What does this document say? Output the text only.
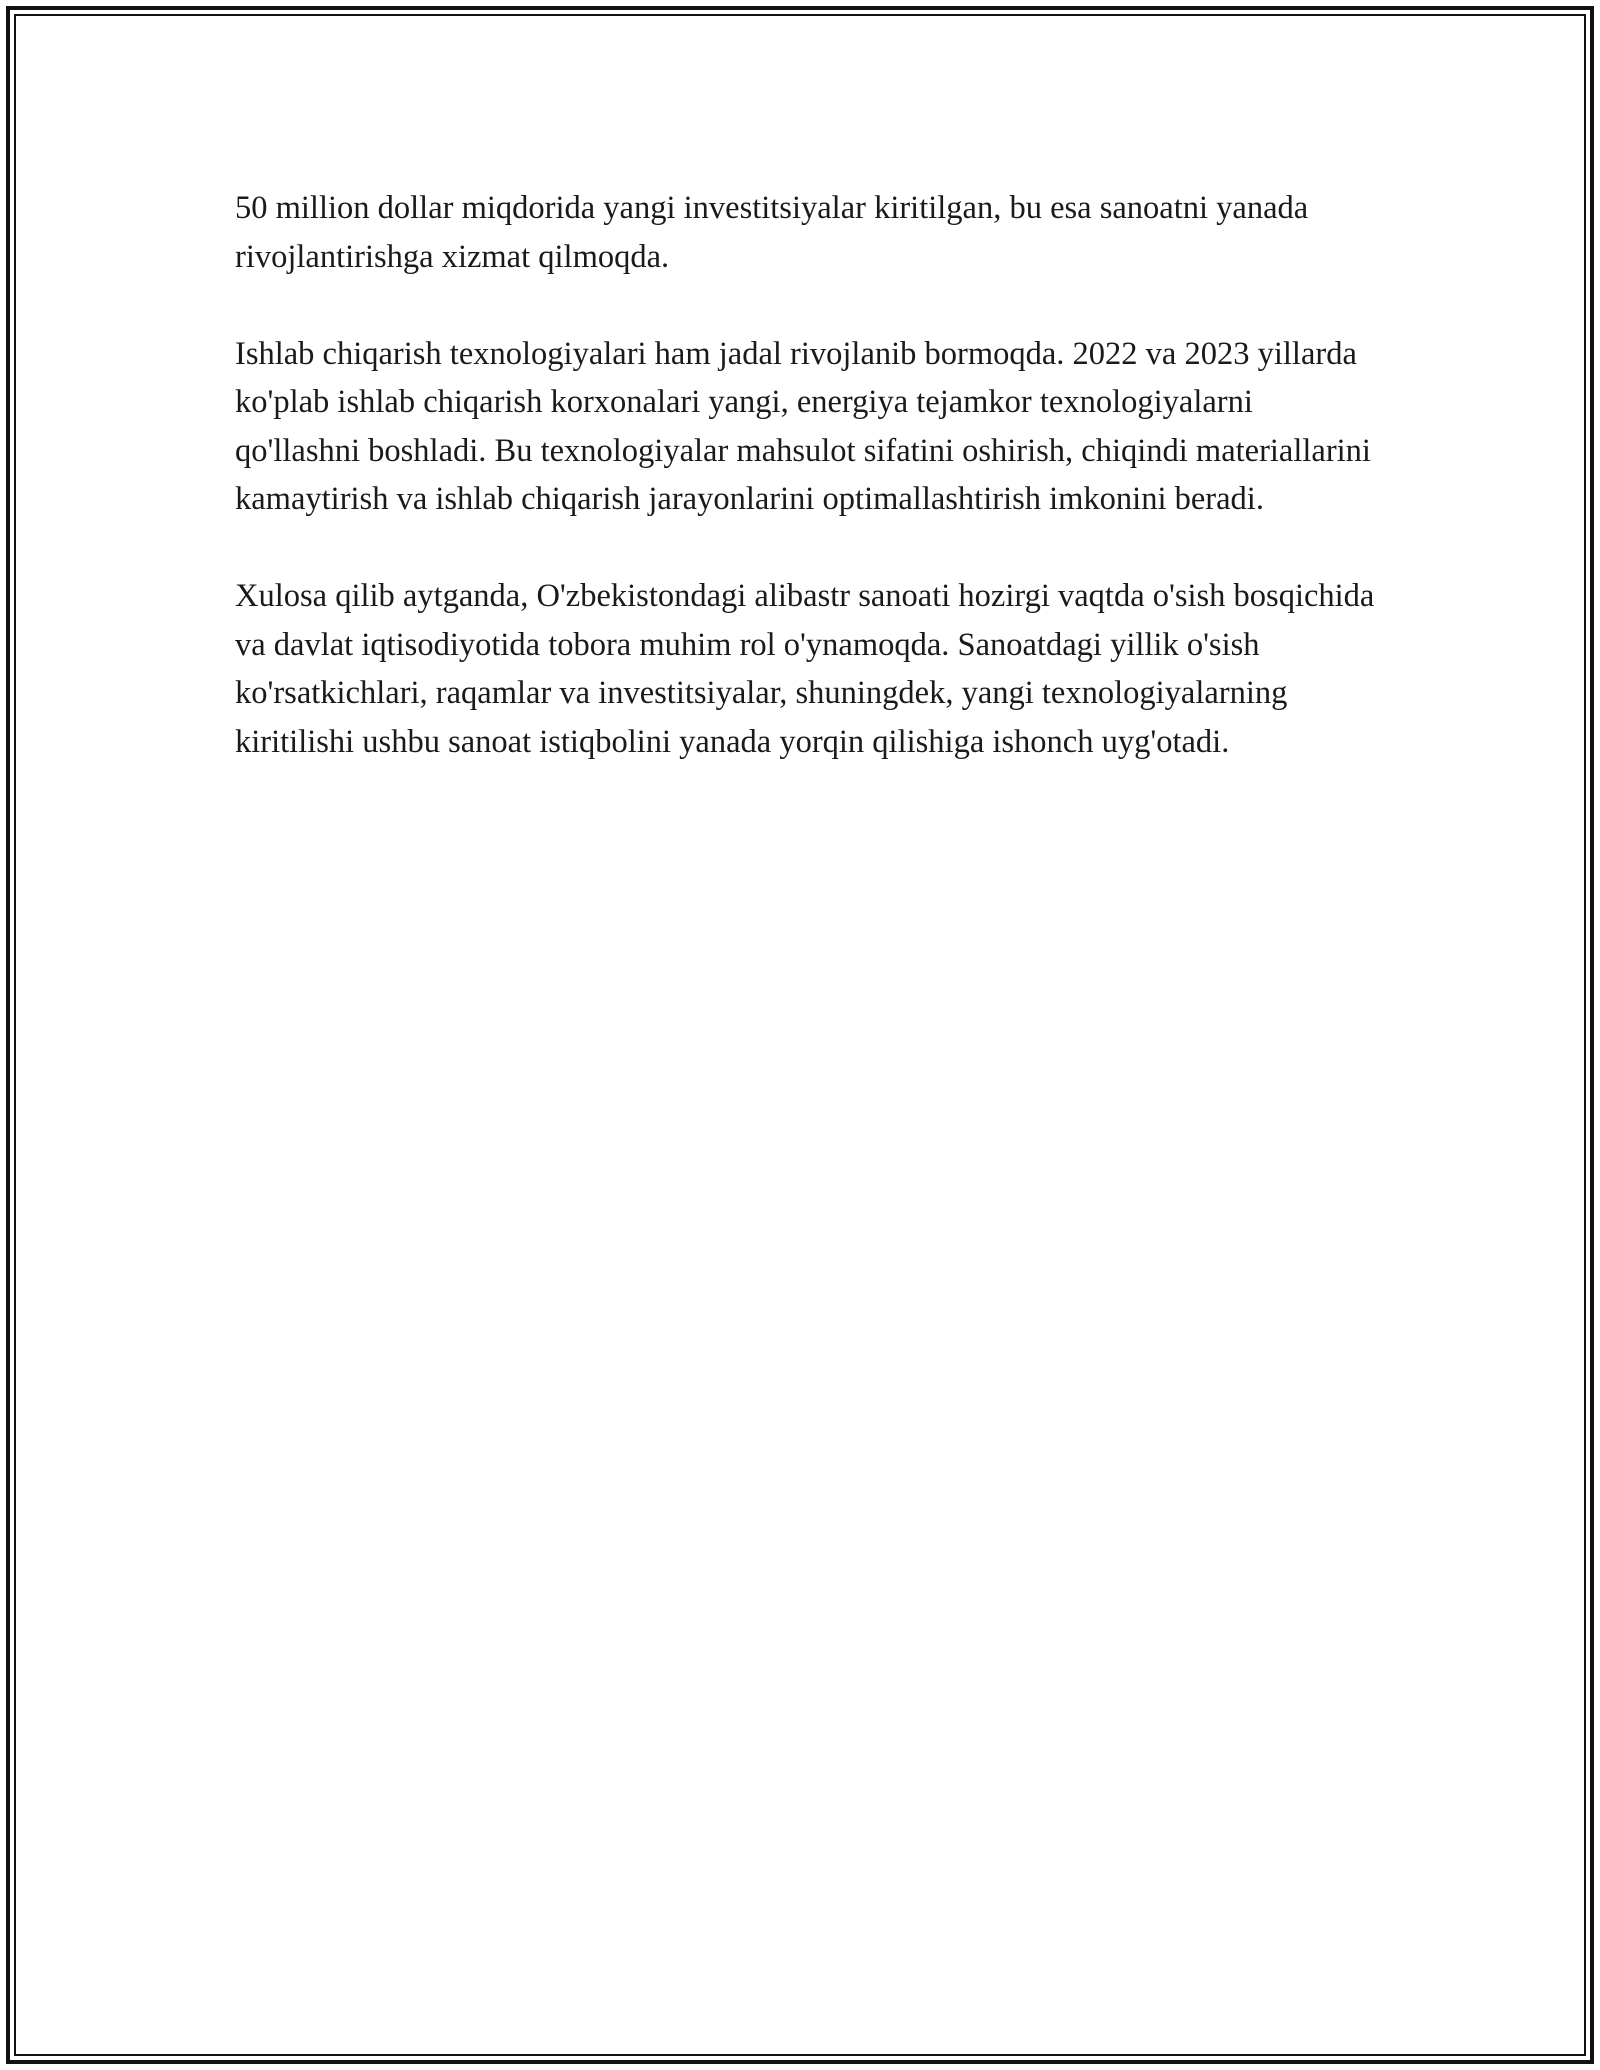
50 million dollar miqdorida yangi investitsiyalar kiritilgan, bu esa sanoatni yanada rivojlantirishga xizmat qilmoqda.

Ishlab chiqarish texnologiyalari ham jadal rivojlanib bormoqda. 2022 va 2023 yillarda ko'plab ishlab chiqarish korxonalari yangi, energiya tejamkor texnologiyalarni qo'llashni boshladi. Bu texnologiyalar mahsulot sifatini oshirish, chiqindi materiallarini kamaytirish va ishlab chiqarish jarayonlarini optimallashtirish imkonini beradi.

Xulosa qilib aytganda, O'zbekistondagi alibastr sanoati hozirgi vaqtda o'sish bosqichida va davlat iqtisodiyotida tobora muhim rol o'ynamoqda. Sanoatdagi yillik o'sish ko'rsatkichlari, raqamlar va investitsiyalar, shuningdek, yangi texnologiyalarning kiritilishi ushbu sanoat istiqbolini yanada yorqin qilishiga ishonch uyg'otadi.
